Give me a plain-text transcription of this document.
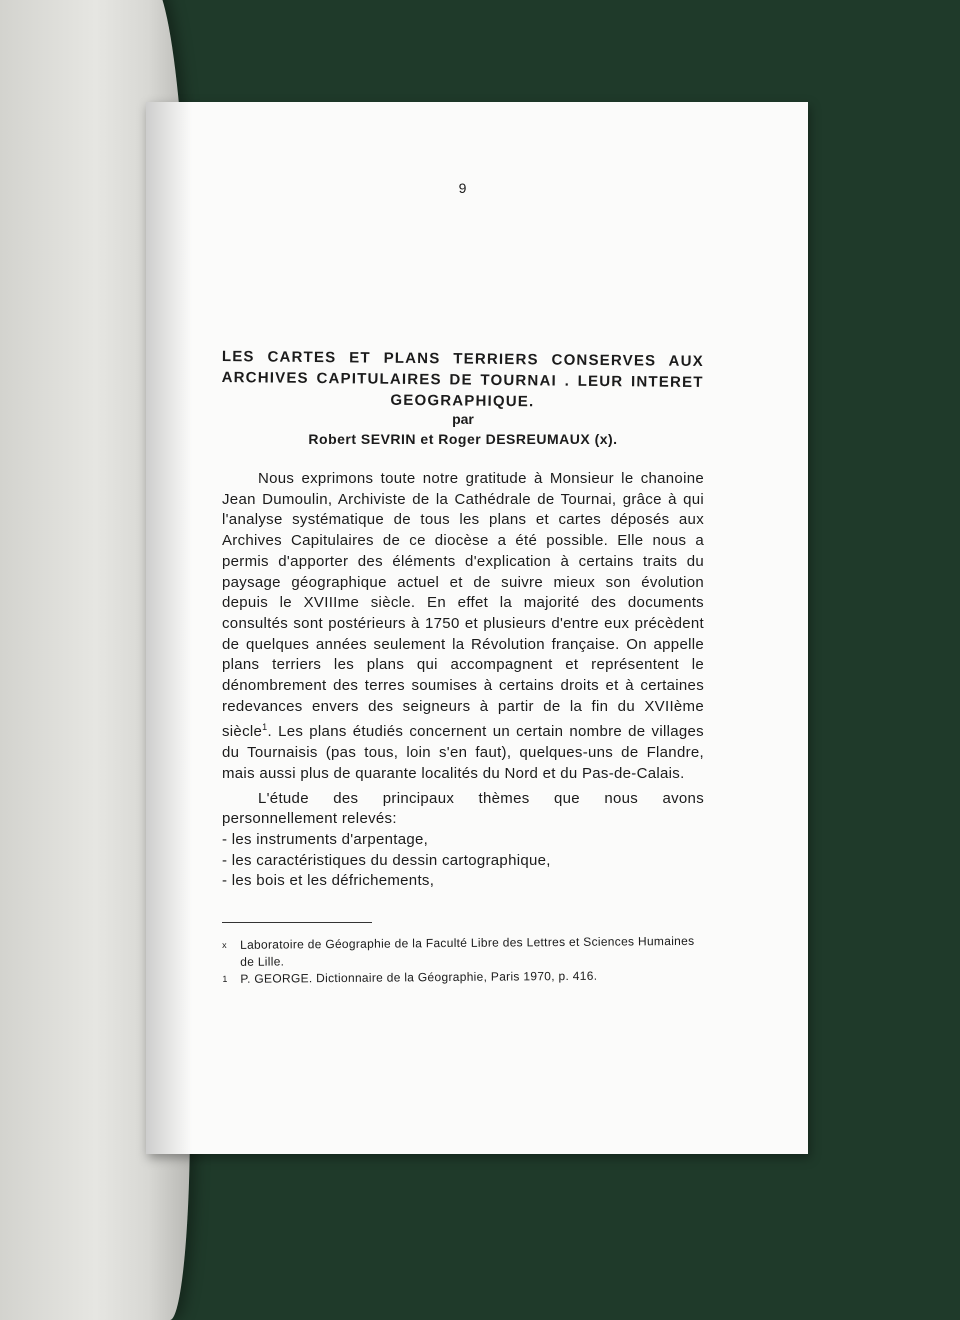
9

LES CARTES ET PLANS TERRIERS CONSERVES AUX ARCHIVES CAPITULAIRES DE TOURNAI . LEUR INTERET GEOGRAPHIQUE.

par

Robert SEVRIN et Roger DESREUMAUX (x).

Nous exprimons toute notre gratitude à Monsieur le chanoine Jean Dumoulin, Archiviste de la Cathédrale de Tournai, grâce à qui l'analyse systématique de tous les plans et cartes déposés aux Archives Capitulaires de ce diocèse a été possible. Elle nous a permis d'apporter des éléments d'explication à certains traits du paysage géographique actuel et de suivre mieux son évolution depuis le XVIIIme siècle. En effet la majorité des documents consultés sont postérieurs à 1750 et plusieurs d'entre eux précèdent de quelques années seulement la Révolution française. On appelle plans terriers les plans qui accompagnent et représentent le dénombrement des terres soumises à certains droits et à certaines redevances envers des seigneurs à partir de la fin du XVIIème siècle$^1$. Les plans étudiés concernent un certain nombre de villages du Tournaisis (pas tous, loin s'en faut), quelques-uns de Flandre, mais aussi plus de quarante localités du Nord et du Pas-de-Calais.

L'étude des principaux thèmes que nous avons personnellement relevés:

- les instruments d'arpentage,

- les caractéristiques du dessin cartographique,

- les bois et les défrichements,

x Laboratoire de Géographie de la Faculté Libre des Lettres et Sciences Humaines de Lille.
1 P. GEORGE. Dictionnaire de la Géographie, Paris 1970, p. 416.
